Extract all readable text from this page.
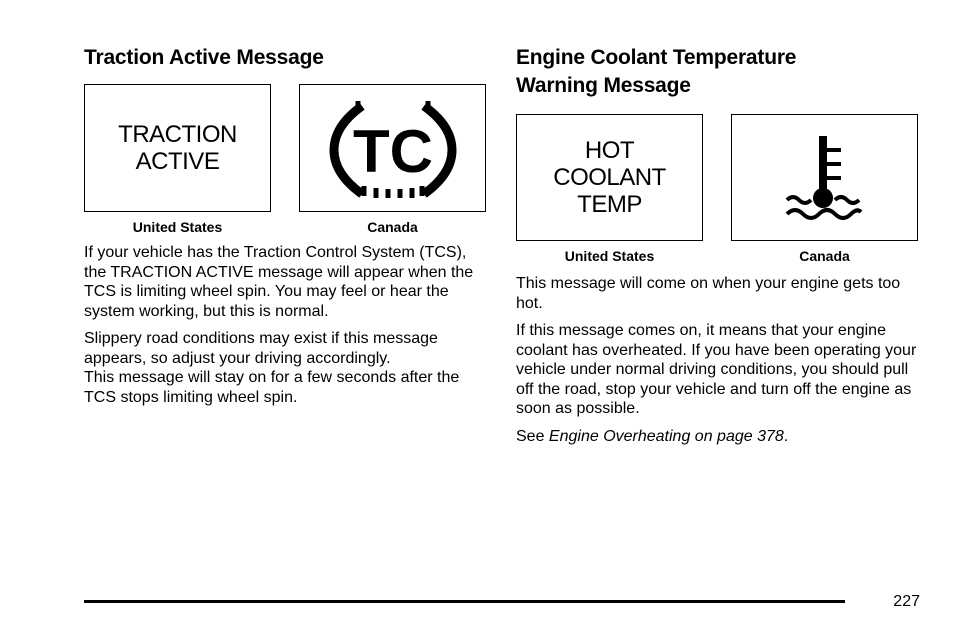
Traction Active Message
TRACTION
ACTIVE TC
United States	Canada

If your vehicle has the Traction Control System (TCS), the TRACTION ACTIVE message will appear when the TCS is limiting wheel spin. You may feel or hear the system working, but this is normal.

Slippery road conditions may exist if this message appears, so adjust your driving accordingly.
This message will stay on for a few seconds after the TCS stops limiting wheel spin.

Engine Coolant Temperature
Warning Message
HOT
COOLANT
TEMP
United States	Canada

This message will come on when your engine gets too hot.

If this message comes on, it means that your engine coolant has overheated. If you have been operating your vehicle under normal driving conditions, you should pull off the road, stop your vehicle and turn off the engine as soon as possible.

See Engine Overheating on page 378.

227
